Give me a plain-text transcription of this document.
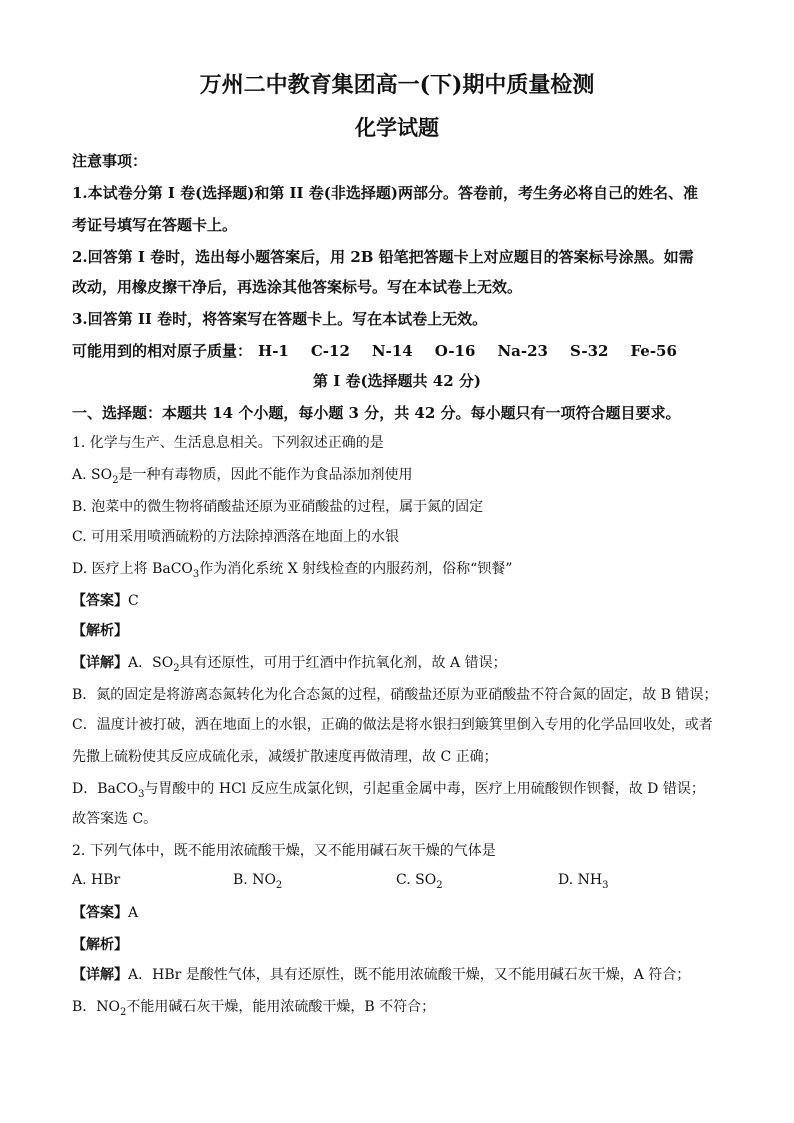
万州二中教育集团高一(下)期中质量检测
化学试题
注意事项：
1.本试卷分第 I 卷(选择题)和第 II 卷(非选择题)两部分。答卷前，考生务必将自己的姓名、准
考证号填写在答题卡上。
2.回答第 I 卷时，选出每小题答案后，用 2B 铅笔把答题卡上对应题目的答案标号涂黑。如需
改动，用橡皮擦干净后，再选涂其他答案标号。写在本试卷上无效。
3.回答第 II 卷时，将答案写在答题卡上。写在本试卷上无效。
可能用到的相对原子质量： H-1 C-12 N-14 O-16 Na-23 S-32 Fe-56
第 I 卷(选择题共 42 分)
一、选择题：本题共 14 个小题，每小题 3 分，共 42 分。每小题只有一项符合题目要求。
1. 化学与生产、生活息息相关。下列叙述正确的是
A. $SO_2$是一种有毒物质，因此不能作为食品添加剂使用
B. 泡菜中的微生物将硝酸盐还原为亚硝酸盐的过程，属于氮的固定
C. 可用采用喷洒硫粉的方法除掉洒落在地面上的水银
D. 医疗上将 BaCO$_3$作为消化系统 X 射线检查的内服药剂，俗称“钡餐”
【答案】C
【解析】
【详解】A．$SO_2$具有还原性，可用于红酒中作抗氧化剂，故 A 错误；
B．氮的固定是将游离态氮转化为化合态氮的过程，硝酸盐还原为亚硝酸盐不符合氮的固定，故 B 错误；
C．温度计被打破，洒在地面上的水银，正确的做法是将水银扫到簸箕里倒入专用的化学品回收处，或者
先撒上硫粉使其反应成硫化汞，减缓扩散速度再做清理，故 C 正确；
D．BaCO$_3$与胃酸中的 HCl 反应生成氯化钡，引起重金属中毒，医疗上用硫酸钡作钡餐，故 D 错误；
故答案选 C。
2. 下列气体中，既不能用浓硫酸干燥，又不能用碱石灰干燥的气体是
A. HBr	B. $NO_2$	C. $SO_2$	D. $NH_3$
【答案】A
【解析】
【详解】A．HBr 是酸性气体，具有还原性，既不能用浓硫酸干燥，又不能用碱石灰干燥，A 符合；
B．$NO_2$不能用碱石灰干燥，能用浓硫酸干燥，B 不符合；
